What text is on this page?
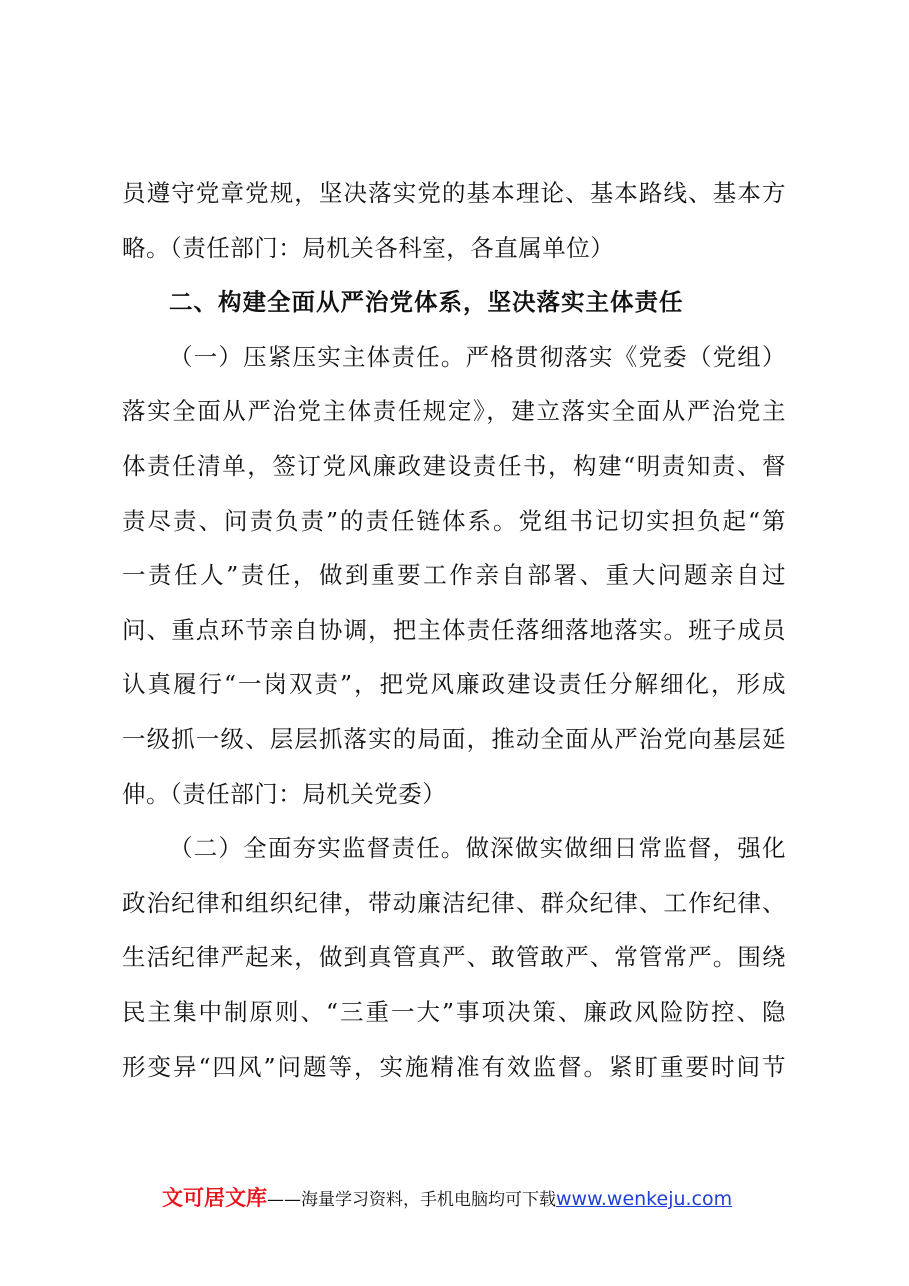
员遵守党章党规，坚决落实党的基本理论、基本路线、基本方
略。（责任部门：局机关各科室，各直属单位）
二、构建全面从严治党体系，坚决落实主体责任
（一）压紧压实主体责任。严格贯彻落实《党委（党组）
落实全面从严治党主体责任规定》，建立落实全面从严治党主
体责任清单，签订党风廉政建设责任书，构建“明责知责、督
责尽责、问责负责”的责任链体系。党组书记切实担负起“第
一责任人”责任，做到重要工作亲自部署、重大问题亲自过
问、重点环节亲自协调，把主体责任落细落地落实。班子成员
认真履行“一岗双责”，把党风廉政建设责任分解细化，形成
一级抓一级、层层抓落实的局面，推动全面从严治党向基层延
伸。（责任部门：局机关党委）
（二）全面夯实监督责任。做深做实做细日常监督，强化
政治纪律和组织纪律，带动廉洁纪律、群众纪律、工作纪律、
生活纪律严起来，做到真管真严、敢管敢严、常管常严。围绕
民主集中制原则、“三重一大”事项决策、廉政风险防控、隐
形变异“四风”问题等，实施精准有效监督。紧盯重要时间节
文可居文库——海量学习资料，手机电脑均可下载www.wenkeju.com
